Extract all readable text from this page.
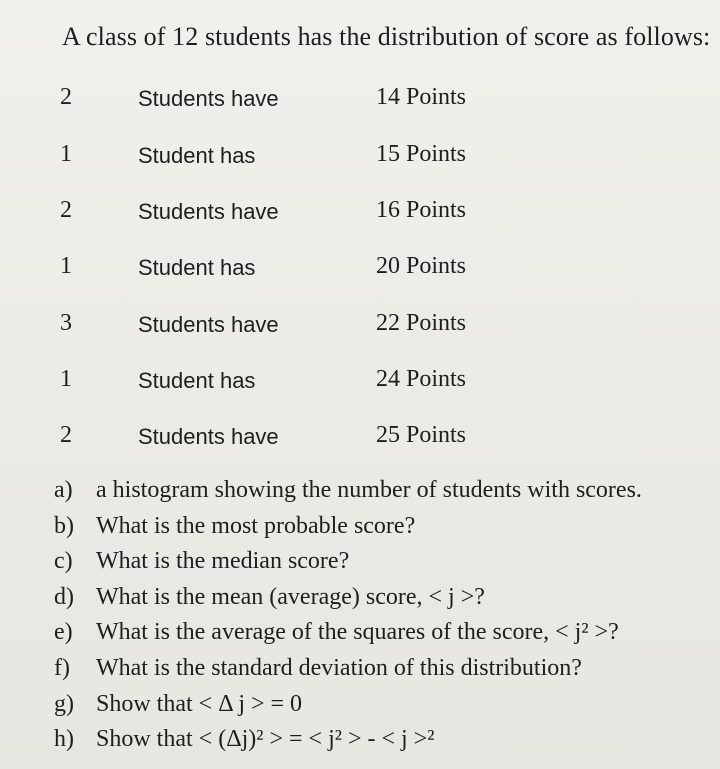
A class of 12 students has the distribution of score as follows:
2	Students have	14 Points
1	Student has	15 Points
2	Students have	16 Points
1	Student has	20 Points
3	Students have	22 Points
1	Student has	24 Points
2	Students have	25 Points
a) a histogram showing the number of students with scores.
b) What is the most probable score?
c) What is the median score?
d) What is the mean (average) score, < j >?
e) What is the average of the squares of the score, < j² >?
f) What is the standard deviation of this distribution?
g) Show that < Δ j > = 0
h) Show that < (Δj)² > = < j² > - < j >²
